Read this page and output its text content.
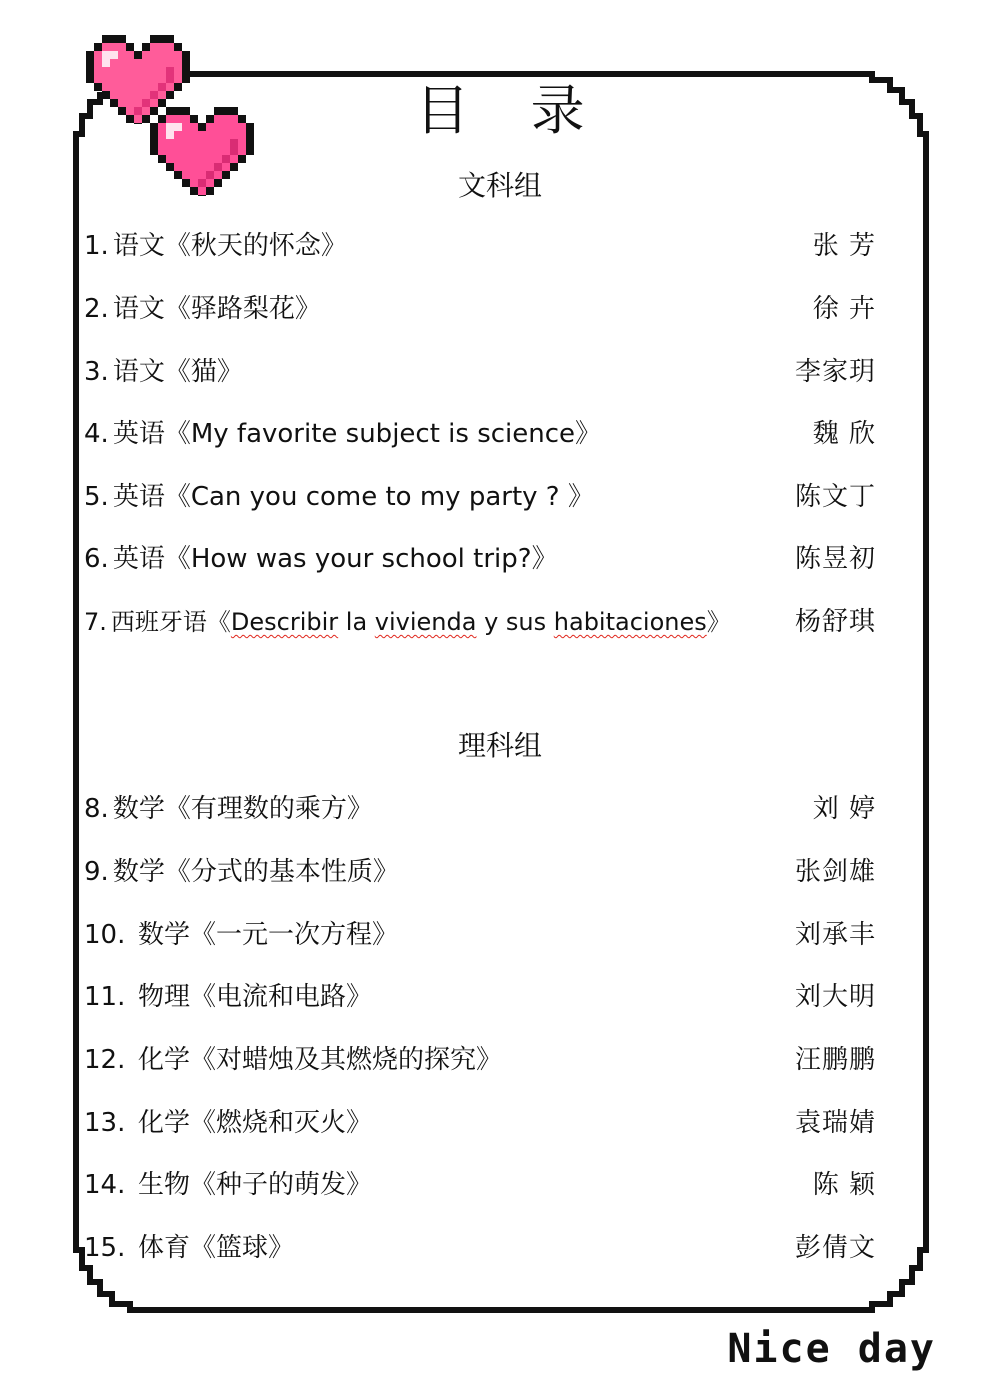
目 录
文科组
1. 语文《秋天的怀念》	张 芳
2. 语文《驿路梨花》	徐 卉
3. 语文《猫》	李家玥
4. 英语《My favorite subject is science》	魏 欣
5. 英语《Can you come to my party ? 》	陈文丁
6. 英语《How was your school trip?》	陈昱初
7. 西班牙语《Describir la vivienda y sus habitaciones》 杨舒琪
理科组
8. 数学《有理数的乘方》	刘 婷
9. 数学《分式的基本性质》	张剑雄
10. 数学《一元一次方程》	刘承丰
11. 物理《电流和电路》	刘大明
12. 化学《对蜡烛及其燃烧的探究》	汪鹏鹏
13. 化学《燃烧和灭火》	袁瑞婧
14. 生物《种子的萌发》	陈 颖
15. 体育《篮球》	彭倩文
Nice day
